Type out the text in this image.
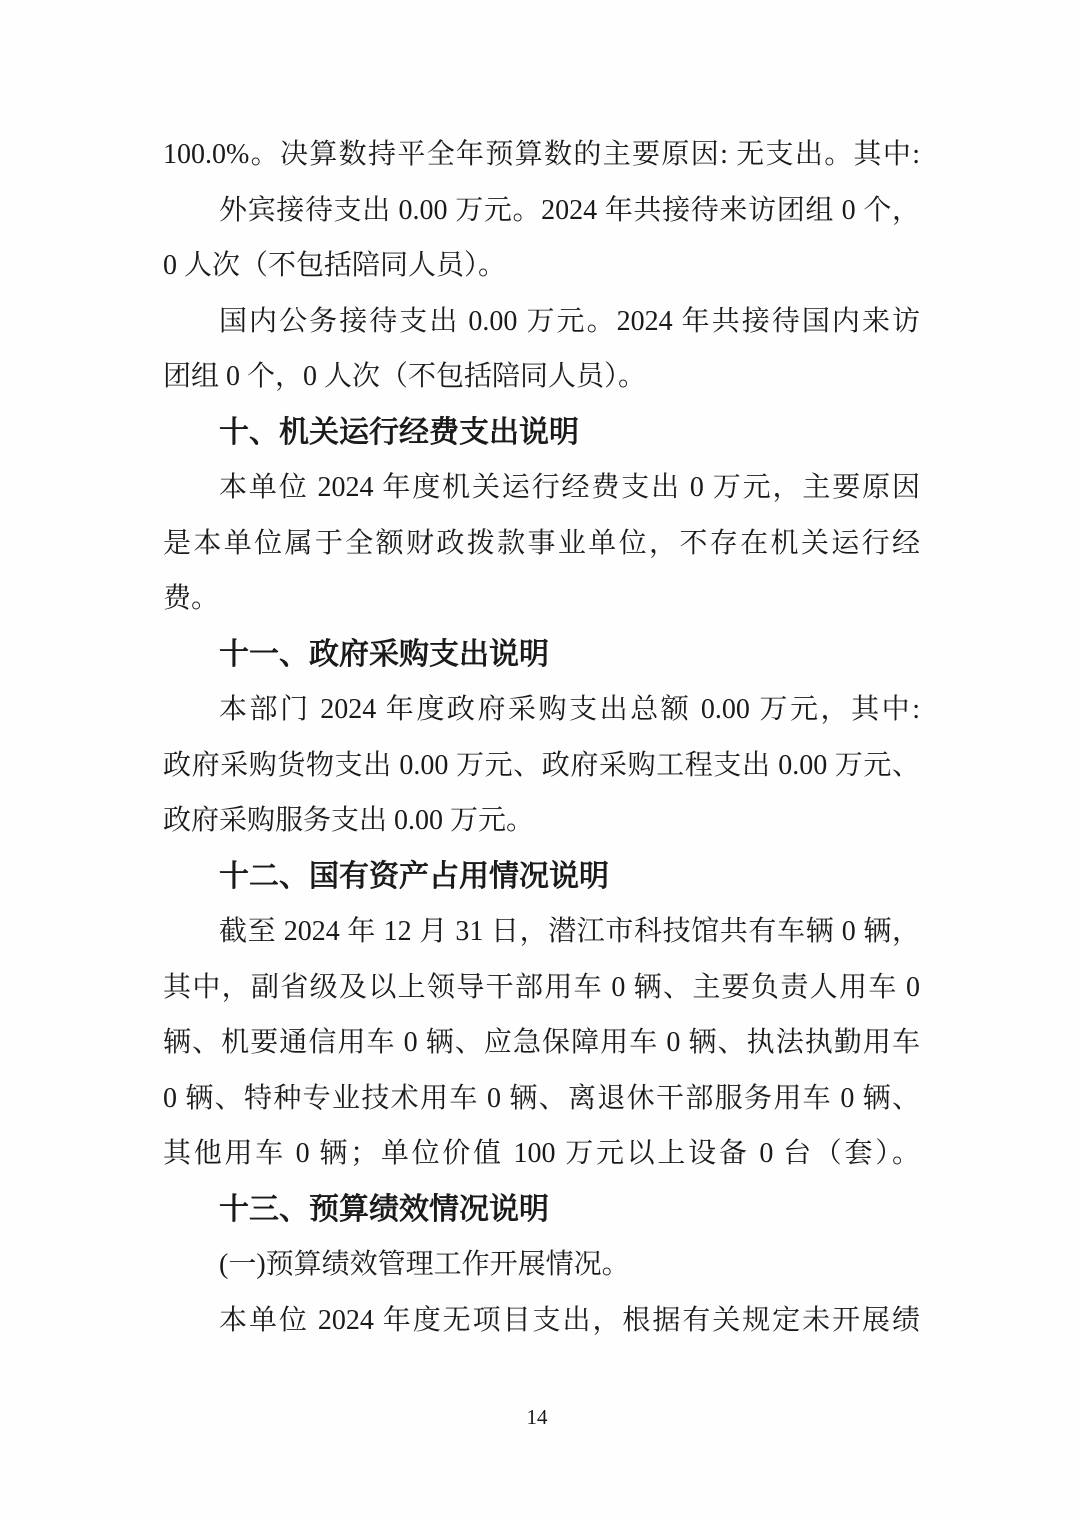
100.0%。决算数持平全年预算数的主要原因: 无支出。其中:
外宾接待支出 0.00 万元。2024 年共接待来访团组 0 个，
0 人次（不包括陪同人员）。
国内公务接待支出 0.00 万元。2024 年共接待国内来访
团组 0 个，0 人次（不包括陪同人员）。
十、机关运行经费支出说明
本单位 2024 年度机关运行经费支出 0 万元，主要原因
是本单位属于全额财政拨款事业单位，不存在机关运行经
费。
十一、政府采购支出说明
本部门 2024 年度政府采购支出总额 0.00 万元，其中:
政府采购货物支出 0.00 万元、政府采购工程支出 0.00 万元、
政府采购服务支出 0.00 万元。
十二、国有资产占用情况说明
截至 2024 年 12 月 31 日，潜江市科技馆共有车辆 0 辆，
其中，副省级及以上领导干部用车 0 辆、主要负责人用车 0
辆、机要通信用车 0 辆、应急保障用车 0 辆、执法执勤用车
0 辆、特种专业技术用车 0 辆、离退休干部服务用车 0 辆、
其他用车 0 辆；单位价值 100 万元以上设备 0 台（套）。
十三、预算绩效情况说明
(一)预算绩效管理工作开展情况。
本单位 2024 年度无项目支出，根据有关规定未开展绩
14
